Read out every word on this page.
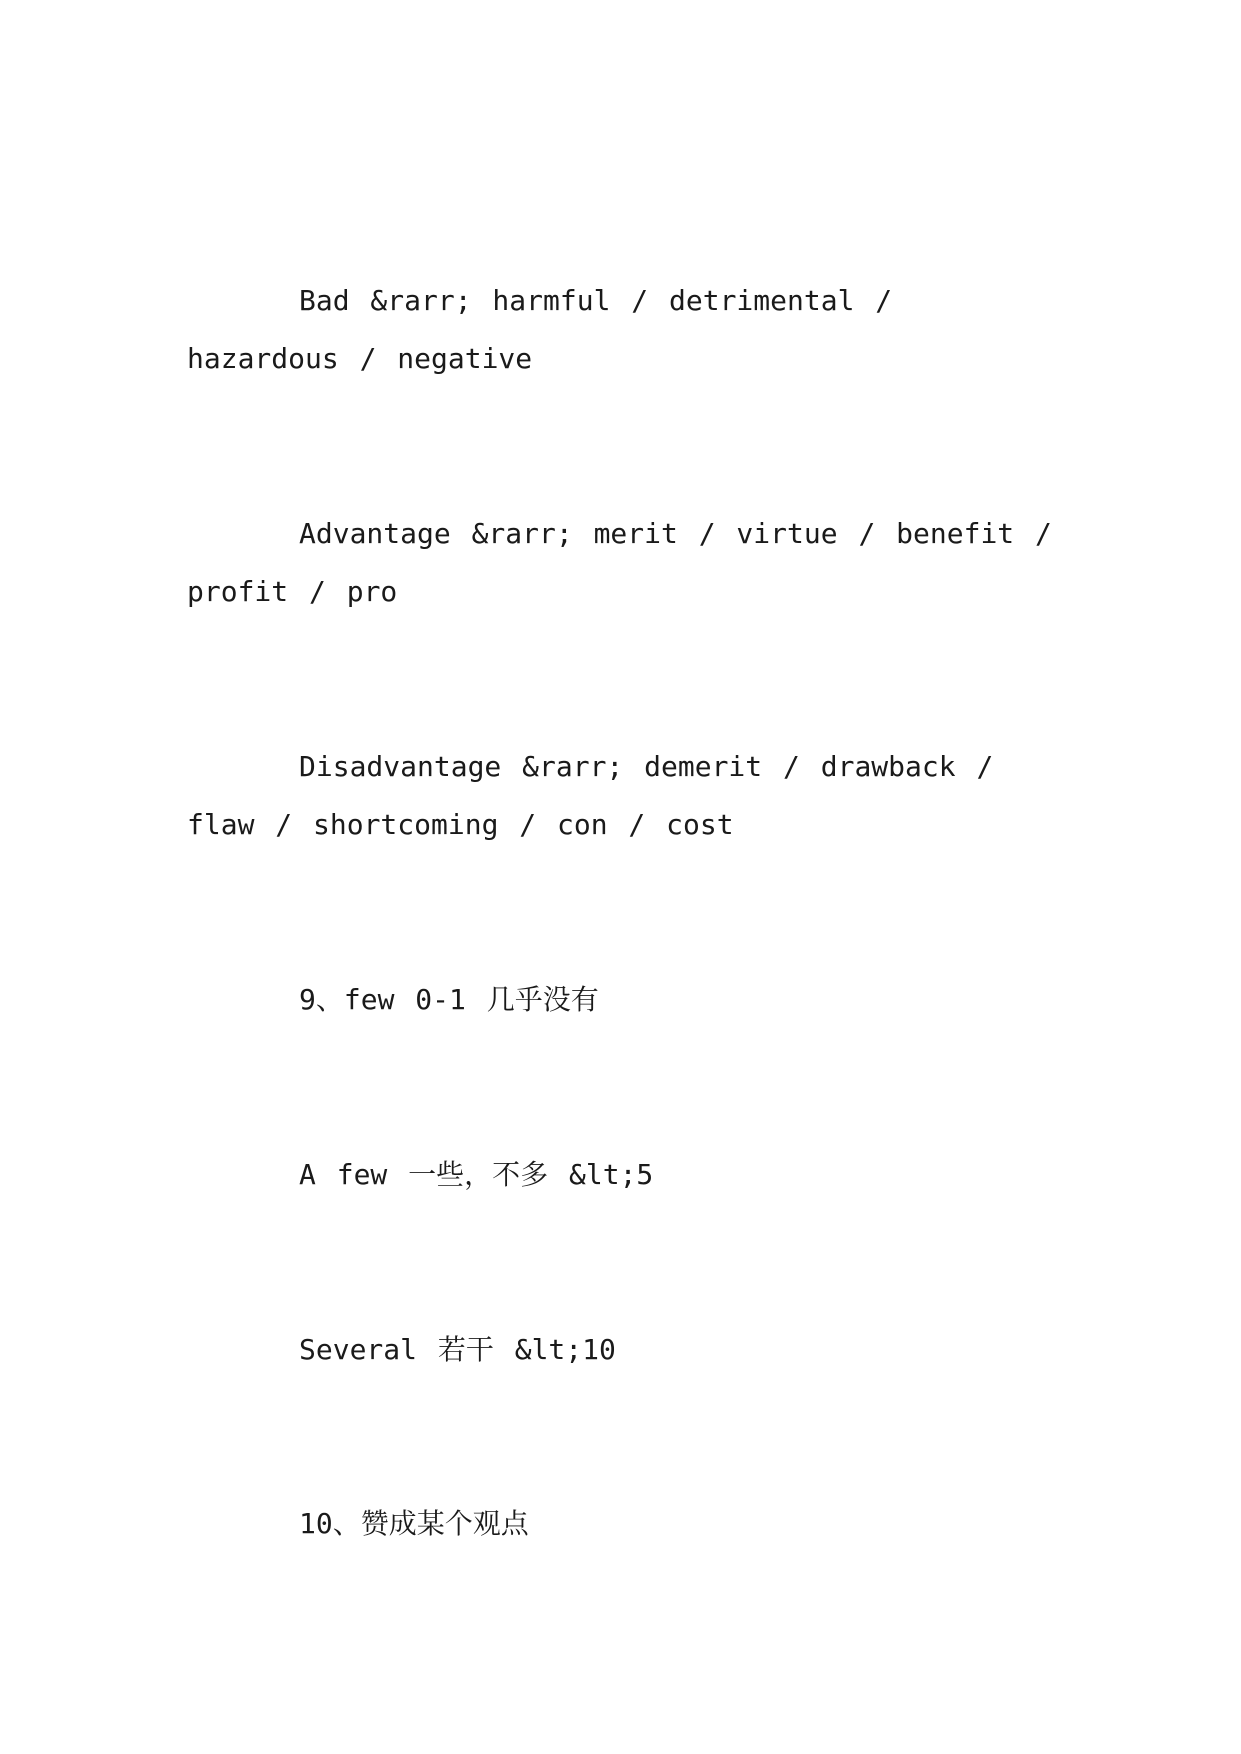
Bad &rarr; harmful / detrimental / hazardous / negative

Advantage &rarr; merit / virtue / benefit / profit / pro

Disadvantage &rarr; demerit / drawback / flaw / shortcoming / con / cost

9、few 0-1 几乎没有

A few 一些，不多 &lt;5

Several 若干 &lt;10

10、赞成某个观点
